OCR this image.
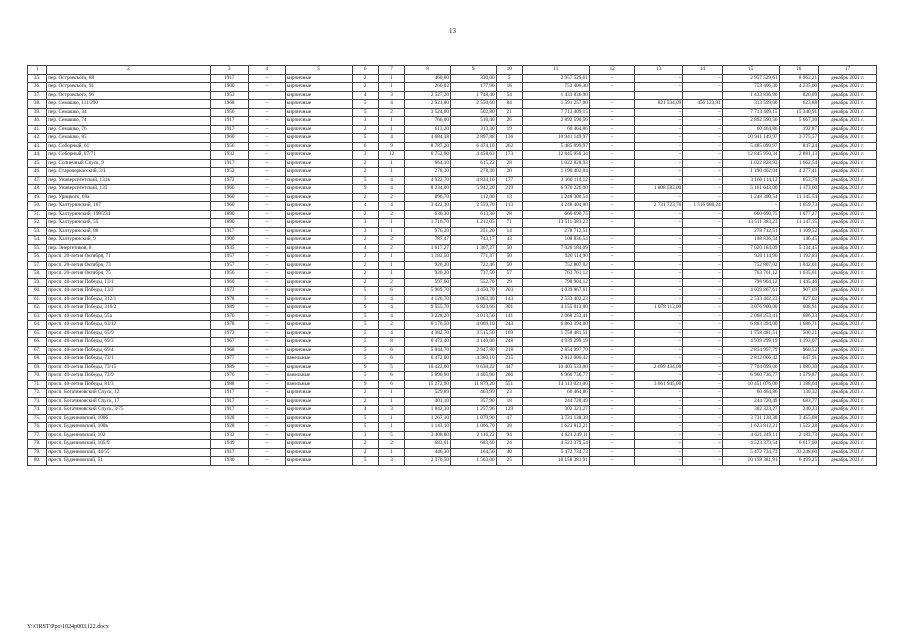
13
1	2	3	4	5	6	7	8	9	10	11	12	13	14	15	16	17
35.	пер. Островского, 88	1917	–	кирпичные	2	1	460,00	330,00	5	2 957 529,61	–	–	–	2 957 529,61	8 962,21	декабрь 2021 г.
36.	пер. Островского, 91	1900	–	кирпичные	2	1	260,02	177,90	16	753 406,30	–	–	–	753 406,30	4 235,00	декабрь 2021 г.
37.	пер. Островского, 96	1953		кирпичные	4	3	2 527,20	1 748,40	54	1 433 836,90				1 433 836,90	820,09	декабрь 2021 г.
38.	пер. Семашко, 111/290	1968	–	кирпичные	5	4	2 921,80	2 550,60	84	1 591 257,00	–	821 534,09	456 123,91	313 599,00	623,88	декабрь 2021 г.
39.	пер. Семашко, 34	1956	–	кирпичные	5	2	3 524,00	502,80	21	7 713 409,15	–	–	–	7 713 409,15	15 340,91	декабрь 2021 г.
40.	пер. Семашко, 74	1917	–	кирпичные	3	1	766,00	510,40	26	2 892 590,56	–	–	–	2 892 590,56	5 667,30	декабрь 2021 г.
41.	пер. Семашко, 76	1917	–	кирпичные	2	1	613,20	313,30	19	60 464,86	–	–	–	60 464,86	192,87	декабрь 2021 г.
42.	пер. Семашко, 85	1960	–	кирпичные	5	4	4 684,38	2 897,88	136	10 941 149,97	–	–	–	10 941 149,97	3 775,57	декабрь 2021 г.
43.	пер. Соборный, 61	1956	–	кирпичные	6	9	8 787,20	6 474,10	262	5 485 099,97	–	–	–	5 485 099,97	847,24	декабрь 2021 г.
44.	пер. Соборный, 87/71	1932	–	кирпичные	3	12	6 752,90	4 458,63	173	12 845 950,34	–	–	–	12 845 950,34	2 881,13	декабрь 2021 г.
45.	пер. Солнечный Спуск, 9	1917	–	кирпичные	2	1	664,10	615,22	28	1 022 828,93	–	–	–	1 022 828,93	1 662,54	декабрь 2021 г.
46.	пер. Старочеркасский, 3/1	1952	–	кирпичные	2	1	278,30	278,30	20	1 190 402,04	–	–	–	1 190 402,04	4 277,41	декабрь 2021 г.
47.	пер. Университетский, 131в	1972	–	кирпичные	5	4	4 922,70	4 834,16	177	3 160 114,12	–	–	–	3 160 114,12	653,70	декабрь 2021 г.
48.	пер. Университетский, 133	1966	–	кирпичные	9	4	8 234,00	5 942,20	219	6 970 226,00	–	1 808 583,00	–	5 161 643,00	1 173,00	декабрь 2021 г.
49.	пер. Урицкого, 69а	1960	–	кирпичные	2	2	896,70	112,00	13	1 248 300,54	–	–	–	1 248 300,54	11 145,54	декабрь 2021 г.
50.	пер. Халтуринский, 167	1960	–	кирпичные	4	4	3 422,30	2 559,70	113	4 248 404,00	–	2 731 723,76	1 516 680,24	–	1 659,73	декабрь 2021 г.
51.	пер. Халтуринский, 198/234	1890	–	кирпичные	2	2	630,30	613,30	28	660 690,75	–	–	–	660 690,75	1 077,27	декабрь 2021 г.
52.	пер. Халтуринский, 55	1890	–	кирпичные	3	1	1 716,70	1 212,05	71	13 511 383,23	–	–	–	13 511 383,23	11 147,55	декабрь 2021 г.
53.	пер. Халтуринский, 86	1917	–	кирпичные	3	1	976,20	251,20	14	278 712,51				278 712,51	1 109,52	декабрь 2021 г.
54.	пер. Халтуринский, 9	1900	–	кирпичные	2	2	787,47	743,17	43	108 836,54	–	–	–	108 836,54	146,45	декабрь 2021 г.
55.	пер. Энергетиков, 8	1935	–	кирпичные	4	2	1 617,27	1 367,27	50	7 020 184,09	–	–	–	7 020 184,09	5 134,45	декабрь 2021 г.
56.	просп. 20-летия Октября, 71	1957	–	кирпичные	2	1	1 182,50	771,37	50	920 114,90	–	–	–	920 114,90	1 192,83	декабрь 2021 г.
57.	просп. 20-летия Октября, 73	1957	–	кирпичные	2	1	920,20	722,46	50	752 807,02	–	–	–	752 807,02	1 042,01	декабрь 2021 г.
58.	просп. 20-летия Октября, 75	1956	–	кирпичные	2	1	920,20	737,50	57	763 761,12	–	–	–	763 761,12	1 035,61	декабрь 2021 г.
59.	просп. 40-летия Победы, 13/1	1960	–	кирпичные	2	2	597,60	552,70	29	798 904,12	–	–	–	798 904,12	1 445,46	декабрь 2021 г.
60.	просп. 40-летия Победы, 13/2	1973	–	кирпичные	5	6	5 969,70	4 450,70	203	4 039 867,61	–	–	–	4 039 867,61	907,69	декабрь 2021 г.
61.	просп. 40-летия Победы, 312/1	1978	–	кирпичные	5	4	4 126,70	3 063,30	143	2 533 402,23	–	–	–	2 533 402,23	827,02	декабрь 2021 г.
62.	просп. 40-летия Победы, 316/2	1989	–	кирпичные	9	4	9 555,70	6 823,66	301	4 155 013,00	–	1 078 113,00	–	3 076 900,00	608,91	декабрь 2021 г.
63.	просп. 40-летия Победы, 55а	1976	–	кирпичные	5	4	3 228,20	3 013,50	141	2 068 253,41	–	–	–	2 068 253,41	686,33	декабрь 2021 г.
64.	просп. 40-летия Победы, 63/12	1978	–	кирпичные	5	2	6 176,50	4 069,10	243	6 863 394,00	–	–	–	6 863 394,00	1 686,71	декабрь 2021 г.
65.	просп. 40-летия Победы, 65/9	1972	–	кирпичные	5	4	4 382,70	3 515,50	169	1 758 481,51	–	–	–	1 758 481,51	500,21	декабрь 2021 г.
66.	просп. 40-летия Победы, 69/3	1967	–	кирпичные	5	8	6 472,40	4 140,00	248	4 939 299,19	–	–	–	4 939 299,19	1 193,07	декабрь 2021 г.
67.	просп. 40-летия Победы, 69/4	1968	–	кирпичные	5	6	5 044,70	2 947,80	218	2 854 997,79	–	–	–	2 854 997,79	968,52	декабрь 2021 г.
68.	просп. 40-летия Победы, 73/1	1977	–	панельные	5	6	6 472,00	4 380,10	215	2 812 006,42	–	–	–	2 812 006,42	647,91	декабрь 2021 г.
69.	просп. 40-летия Победы, 73/15	1989	–	кирпичные	9	5	10 422,00	9 630,22	447	10 403 533,00	–	2 699 434,00	–	7 704 099,00	1 080,30	декабрь 2021 г.
70.	просп. 40-летия Победы, 73/9	1976	–	панельные	5	6	5 890,90	4 405,90	206	6 960 736,77	–	–	–	6 960 736,77	1 579,87	декабрь 2021 г.
71.	просп. 40-летия Победы, 81/3	1988	–	панельные	9	6	15 272,90	11 879,20	551	14 113 021,00	–	3 661 945,00	–	10 451 076,00	1 188,04	декабрь 2021 г.
72.	просп. Богатяновский Спуск, 12	1917	–	кирпичные	2	1	529,89	463,99	23	60 464,86	–	–	–	60 464,86	130,32	декабрь 2021 г.
73.	просп. Богатяновский Спуск, 17	1917	–	кирпичные	2	1	401,10	357,90	18	244 720,49	–	–	–	244 720,49	683,77	декабрь 2021 г.
74.	просп. Богатяновский Спуск, 3/75	1917	–	кирпичные	4	3	1 842,30	1 257,96	129	302 323,27	–	–	–	302 323,27	240,33	декабрь 2021 г.
75.	просп. Буденновский, 100б	1928	–	кирпичные	5	1	1 267,10	1 079,90	47	3 731 138,38	–	–	–	3 731 138,38	3 455,08	декабрь 2021 г.
76.	просп. Буденновский, 100в	1928	–	кирпичные	5	1	1 143,10	1 066,70	38	1 623 812,21	–	–	–	1 623 812,21	1 522,28	декабрь 2021 г.
77.	просп. Буденновский, 102	1932	–	кирпичные	3	5	3 408,80	2 116,22	94	4 621 249,11	–	–	–	4 621 249,11	2 183,73	декабрь 2021 г.
78.	просп. Буденновский, 105/9	1949	–	кирпичные	2	2	683,61	683,60	24	4 523 379,54	–	–	–	4 523 379,54	6 617,00	декабрь 2021 г.
79.	просп. Буденновский, 44/55	1917	–	кирпичные	2	1	446,30	164,50	40	5 472 734,73	–	–	–	5 472 734,73	33 248,60	декабрь 2021 г.
80.	просп. Буденновский, 51	1930	–	кирпичные	5	3	2 370,50	1 563,00	25	10 158 381,91	–	–	–	10 158 381,91	6 499,25	декабрь 2021 г.
Y:\ORST\Ppo\1024p003.f22.docx
